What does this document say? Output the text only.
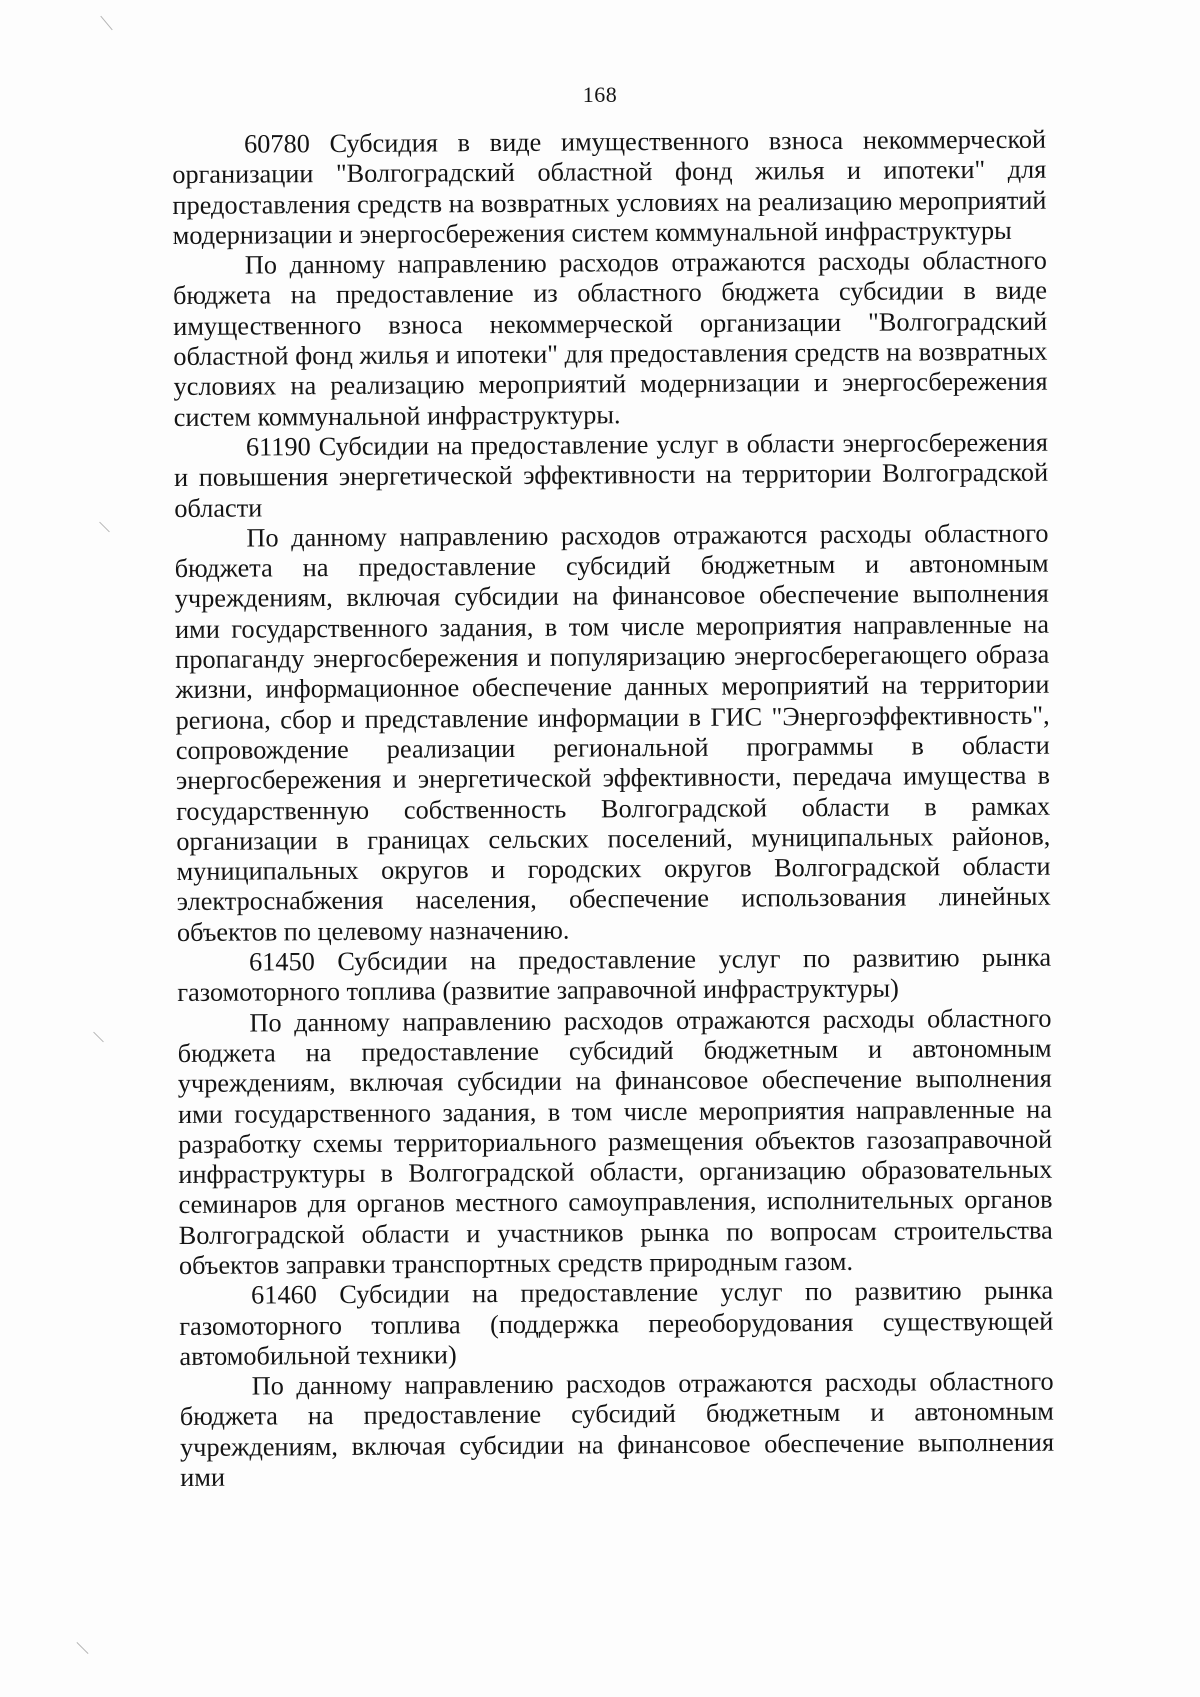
168

60780 Субсидия в виде имущественного взноса некоммерческой организации "Волгоградский областной фонд жилья и ипотеки" для предоставления средств на возвратных условиях на реализацию мероприятий модернизации и энергосбережения систем коммунальной инфраструктуры

По данному направлению расходов отражаются расходы областного бюджета на предоставление из областного бюджета субсидии в виде имущественного взноса некоммерческой организации "Волгоградский областной фонд жилья и ипотеки" для предоставления средств на возвратных условиях на реализацию мероприятий модернизации и энергосбережения систем коммунальной инфраструктуры.

61190 Субсидии на предоставление услуг в области энергосбережения и повышения энергетической эффективности на территории Волгоградской области

По данному направлению расходов отражаются расходы областного бюджета на предоставление субсидий бюджетным и автономным учреждениям, включая субсидии на финансовое обеспечение выполнения ими государственного задания, в том числе мероприятия направленные на пропаганду энергосбережения и популяризацию энергосберегающего образа жизни, информационное обеспечение данных мероприятий на территории региона, сбор и представление информации в ГИС "Энергоэффективность", сопровождение реализации региональной программы в области энергосбережения и энергетической эффективности, передача имущества в государственную собственность Волгоградской области в рамках организации в границах сельских поселений, муниципальных районов, муниципальных округов и городских округов Волгоградской области электроснабжения населения, обеспечение использования линейных объектов по целевому назначению.

61450 Субсидии на предоставление услуг по развитию рынка газомоторного топлива (развитие заправочной инфраструктуры)

По данному направлению расходов отражаются расходы областного бюджета на предоставление субсидий бюджетным и автономным учреждениям, включая субсидии на финансовое обеспечение выполнения ими государственного задания, в том числе мероприятия направленные на разработку схемы территориального размещения объектов газозаправочной инфраструктуры в Волгоградской области, организацию образовательных семинаров для органов местного самоуправления, исполнительных органов Волгоградской области и участников рынка по вопросам строительства объектов заправки транспортных средств природным газом.

61460 Субсидии на предоставление услуг по развитию рынка газомоторного топлива (поддержка переоборудования существующей автомобильной техники)

По данному направлению расходов отражаются расходы областного бюджета на предоставление субсидий бюджетным и автономным учреждениям, включая субсидии на финансовое обеспечение выполнения ими
